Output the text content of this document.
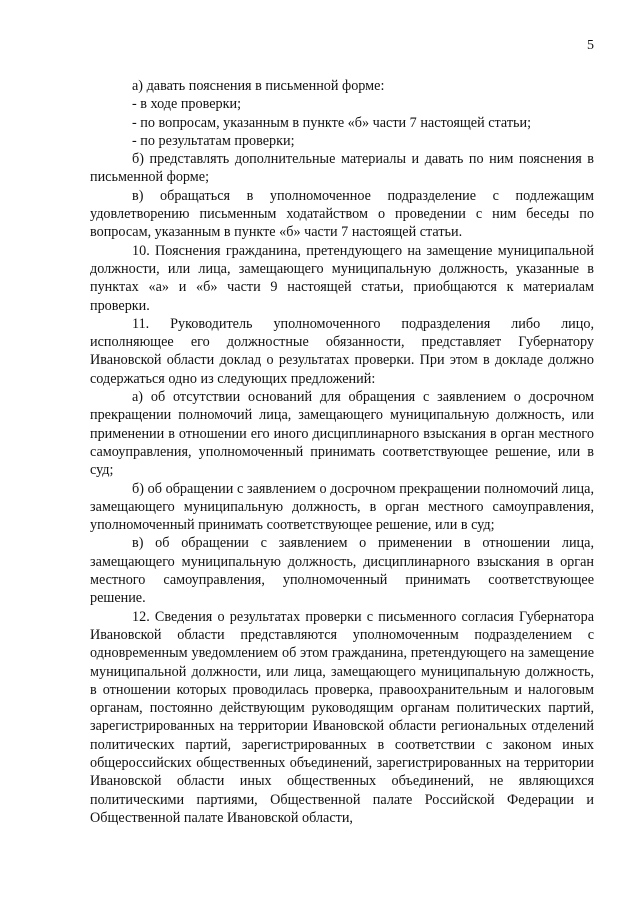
5

а) давать пояснения в письменной форме:

- в ходе проверки;

- по вопросам, указанным в пункте «б» части 7 настоящей статьи;

- по результатам проверки;

б) представлять дополнительные материалы и давать по ним пояснения в письменной форме;

в) обращаться в уполномоченное подразделение с подлежащим удовлетворению письменным ходатайством о проведении с ним беседы по вопросам, указанным в пункте «б» части 7 настоящей статьи.

10. Пояснения гражданина, претендующего на замещение муниципальной должности, или лица, замещающего муниципальную должность, указанные в пунктах «а» и «б» части 9 настоящей статьи, приобщаются к материалам проверки.

11. Руководитель уполномоченного подразделения либо лицо, исполняющее его должностные обязанности, представляет Губернатору Ивановской области доклад о результатах проверки. При этом в докладе должно содержаться одно из следующих предложений:

а) об отсутствии оснований для обращения с заявлением о досрочном прекращении полномочий лица, замещающего муниципальную должность, или применении в отношении его иного дисциплинарного взыскания в орган местного самоуправления, уполномоченный принимать соответствующее решение, или в суд;

б) об обращении с заявлением о досрочном прекращении полномочий лица, замещающего муниципальную должность, в орган местного самоуправления, уполномоченный принимать соответствующее решение, или в суд;

в) об обращении с заявлением о применении в отношении лица, замещающего муниципальную должность, дисциплинарного взыскания в орган местного самоуправления, уполномоченный принимать соответствующее решение.

12. Сведения о результатах проверки с письменного согласия Губернатора Ивановской области представляются уполномоченным подразделением с одновременным уведомлением об этом гражданина, претендующего на замещение муниципальной должности, или лица, замещающего муниципальную должность, в отношении которых проводилась проверка, правоохранительным и налоговым органам, постоянно действующим руководящим органам политических партий, зарегистрированных на территории Ивановской области региональных отделений политических партий, зарегистрированных в соответствии с законом иных общероссийских общественных объединений, зарегистрированных на территории Ивановской области иных общественных объединений, не являющихся политическими партиями, Общественной палате Российской Федерации и Общественной палате Ивановской области,
